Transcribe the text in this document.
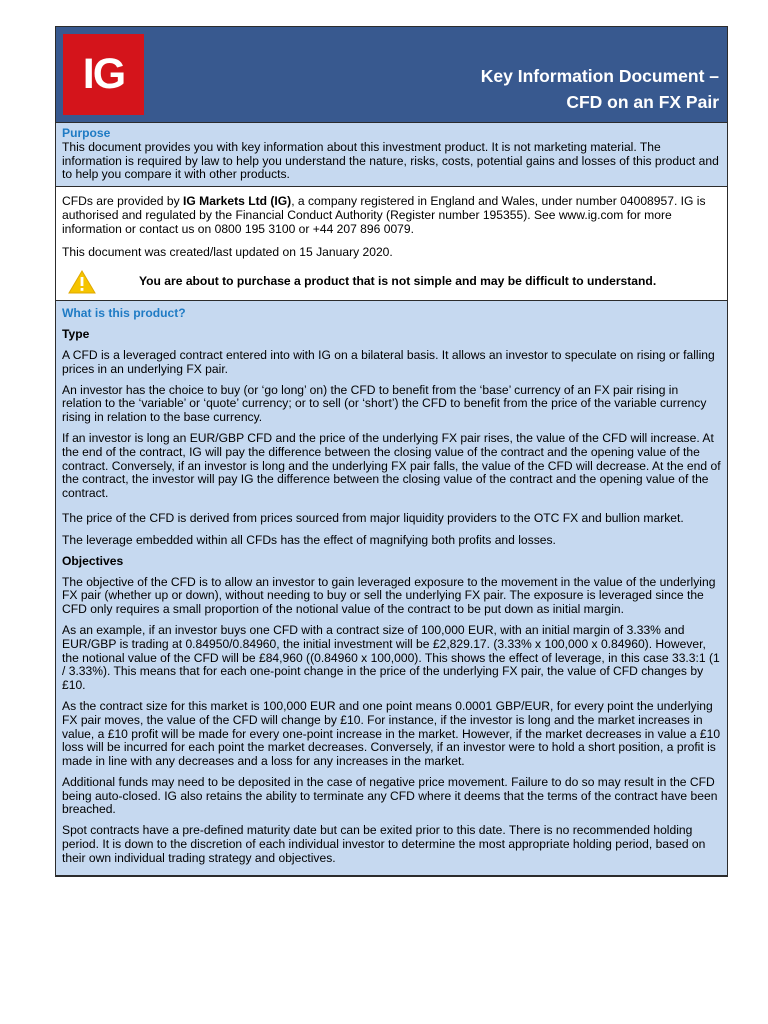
IG	Key Information Document –
CFD on an FX Pair
Purpose

This document provides you with key information about this investment product. It is not marketing material. The information is required by law to help you understand the nature, risks, costs, potential gains and losses of this product and to help you compare it with other products.

CFDs are provided by IG Markets Ltd (IG), a company registered in England and Wales, under number 04008957. IG is authorised and regulated by the Financial Conduct Authority (Register number 195355). See www.ig.com for more information or contact us on 0800 195 3100 or +44 207 896 0079.

This document was created/last updated on 15 January 2020.

You are about to purchase a product that is not simple and may be difficult to understand.
What is this product?
Type

A CFD is a leveraged contract entered into with IG on a bilateral basis. It allows an investor to speculate on rising or falling prices in an underlying FX pair.

An investor has the choice to buy (or ‘go long’ on) the CFD to benefit from the ‘base’ currency of an FX pair rising in relation to the ‘variable’ or ‘quote’ currency; or to sell (or ‘short’) the CFD to benefit from the price of the variable currency rising in relation to the base currency.

If an investor is long an EUR/GBP CFD and the price of the underlying FX pair rises, the value of the CFD will increase. At the end of the contract, IG will pay the difference between the closing value of the contract and the opening value of the contract. Conversely, if an investor is long and the underlying FX pair falls, the value of the CFD will decrease. At the end of the contract, the investor will pay IG the difference between the closing value of the contract and the opening value of the contract.

The price of the CFD is derived from prices sourced from major liquidity providers to the OTC FX and bullion market.

The leverage embedded within all CFDs has the effect of magnifying both profits and losses.

Objectives

The objective of the CFD is to allow an investor to gain leveraged exposure to the movement in the value of the underlying FX pair (whether up or down), without needing to buy or sell the underlying FX pair. The exposure is leveraged since the CFD only requires a small proportion of the notional value of the contract to be put down as initial margin.

As an example, if an investor buys one CFD with a contract size of 100,000 EUR, with an initial margin of 3.33% and EUR/GBP is trading at 0.84950/0.84960, the initial investment will be £2,829.17. (3.33% x 100,000 x 0.84960). However, the notional value of the CFD will be £84,960 ((0.84960 x 100,000). This shows the effect of leverage, in this case 33.3:1 (1 / 3.33%). This means that for each one-point change in the price of the underlying FX pair, the value of CFD changes by £10.

As the contract size for this market is 100,000 EUR and one point means 0.0001 GBP/EUR, for every point the underlying FX pair moves, the value of the CFD will change by £10. For instance, if the investor is long and the market increases in value, a £10 profit will be made for every one-point increase in the market. However, if the market decreases in value a £10 loss will be incurred for each point the market decreases. Conversely, if an investor were to hold a short position, a profit is made in line with any decreases and a loss for any increases in the market.

Additional funds may need to be deposited in the case of negative price movement. Failure to do so may result in the CFD being auto-closed. IG also retains the ability to terminate any CFD where it deems that the terms of the contract have been breached.

Spot contracts have a pre-defined maturity date but can be exited prior to this date. There is no recommended holding period. It is down to the discretion of each individual investor to determine the most appropriate holding period, based on their own individual trading strategy and objectives.
